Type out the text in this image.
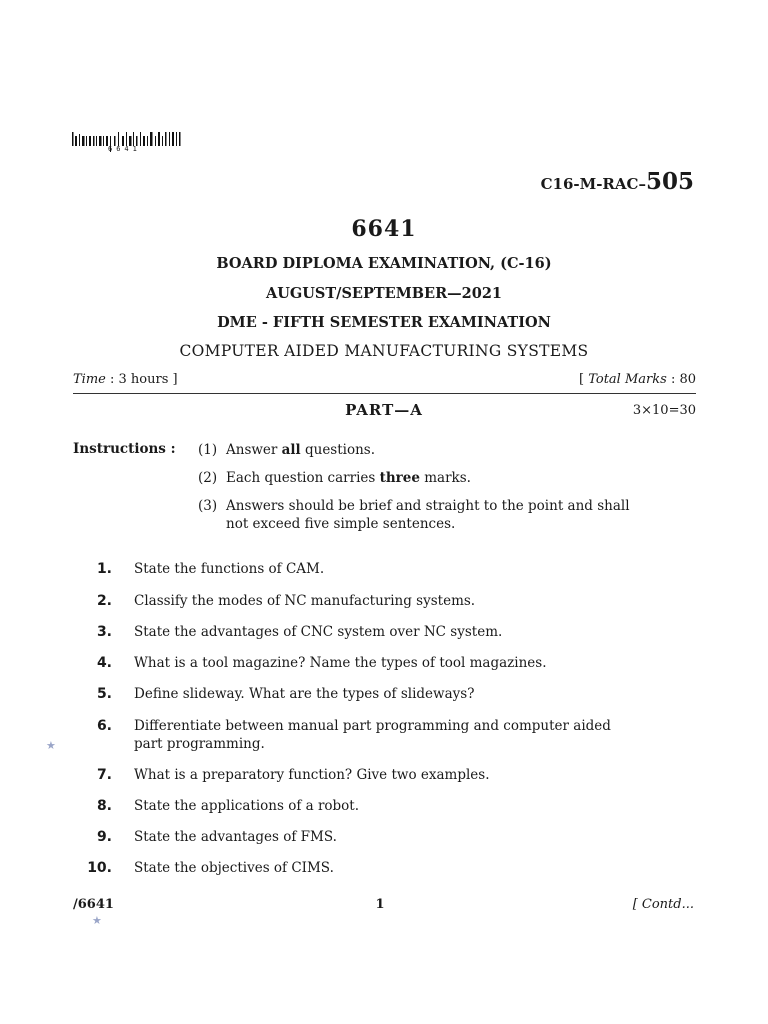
6641
C16-M-RAC–505
6641
BOARD DIPLOMA EXAMINATION, (C-16)
AUGUST/SEPTEMBER—2021
DME - FIFTH SEMESTER EXAMINATION
COMPUTER AIDED MANUFACTURING SYSTEMS
Time : 3 hours ]	[ Total Marks : 80
PART—A	3×10=30
Instructions : (1) Answer all questions.
(2) Each question carries three marks.
(3) Answers should be brief and straight to the point and shall
not exceed five simple sentences.
1. State the functions of CAM.
2. Classify the modes of NC manufacturing systems.
3. State the advantages of CNC system over NC system.
4. What is a tool magazine? Name the types of tool magazines.
5. Define slideway. What are the types of slideways?
6. Differentiate between manual part programming and computer aided
part programming.
7. What is a preparatory function? Give two examples.
8. State the applications of a robot.
9. State the advantages of FMS.
10. State the objectives of CIMS.
★
★
/6641	1	[ Contd...
